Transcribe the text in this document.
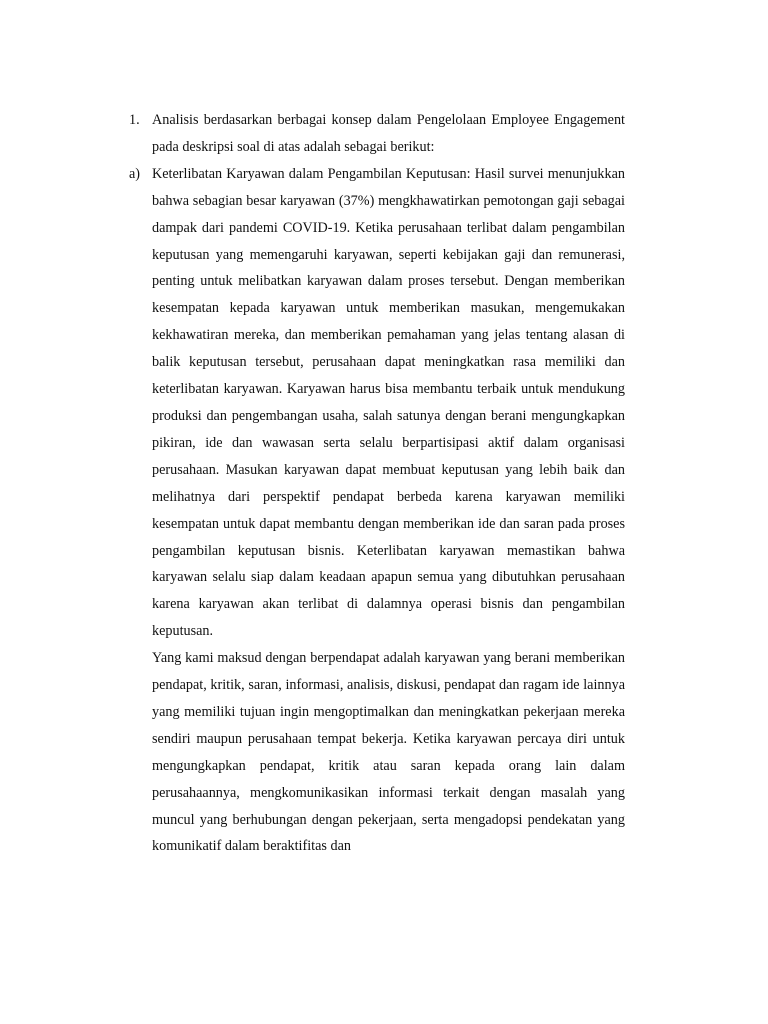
1. Analisis berdasarkan berbagai konsep dalam Pengelolaan Employee Engagement pada deskripsi soal di atas adalah sebagai berikut:

a) Keterlibatan Karyawan dalam Pengambilan Keputusan: Hasil survei menunjukkan bahwa sebagian besar karyawan (37%) mengkhawatirkan pemotongan gaji sebagai dampak dari pandemi COVID-19. Ketika perusahaan terlibat dalam pengambilan keputusan yang memengaruhi karyawan, seperti kebijakan gaji dan remunerasi, penting untuk melibatkan karyawan dalam proses tersebut. Dengan memberikan kesempatan kepada karyawan untuk memberikan masukan, mengemukakan kekhawatiran mereka, dan memberikan pemahaman yang jelas tentang alasan di balik keputusan tersebut, perusahaan dapat meningkatkan rasa memiliki dan keterlibatan karyawan. Karyawan harus bisa membantu terbaik untuk mendukung produksi dan pengembangan usaha, salah satunya dengan berani mengungkapkan pikiran, ide dan wawasan serta selalu berpartisipasi aktif dalam organisasi perusahaan. Masukan karyawan dapat membuat keputusan yang lebih baik dan melihatnya dari perspektif pendapat berbeda karena karyawan memiliki kesempatan untuk dapat membantu dengan memberikan ide dan saran pada proses pengambilan keputusan bisnis. Keterlibatan karyawan memastikan bahwa karyawan selalu siap dalam keadaan apapun semua yang dibutuhkan perusahaan karena karyawan akan terlibat di dalamnya operasi bisnis dan pengambilan keputusan.

Yang kami maksud dengan berpendapat adalah karyawan yang berani memberikan pendapat, kritik, saran, informasi, analisis, diskusi, pendapat dan ragam ide lainnya yang memiliki tujuan ingin mengoptimalkan dan meningkatkan pekerjaan mereka sendiri maupun perusahaan tempat bekerja. Ketika karyawan percaya diri untuk mengungkapkan pendapat, kritik atau saran kepada orang lain dalam perusahaannya, mengkomunikasikan informasi terkait dengan masalah yang muncul yang berhubungan dengan pekerjaan, serta mengadopsi pendekatan yang komunikatif dalam beraktifitas dan
